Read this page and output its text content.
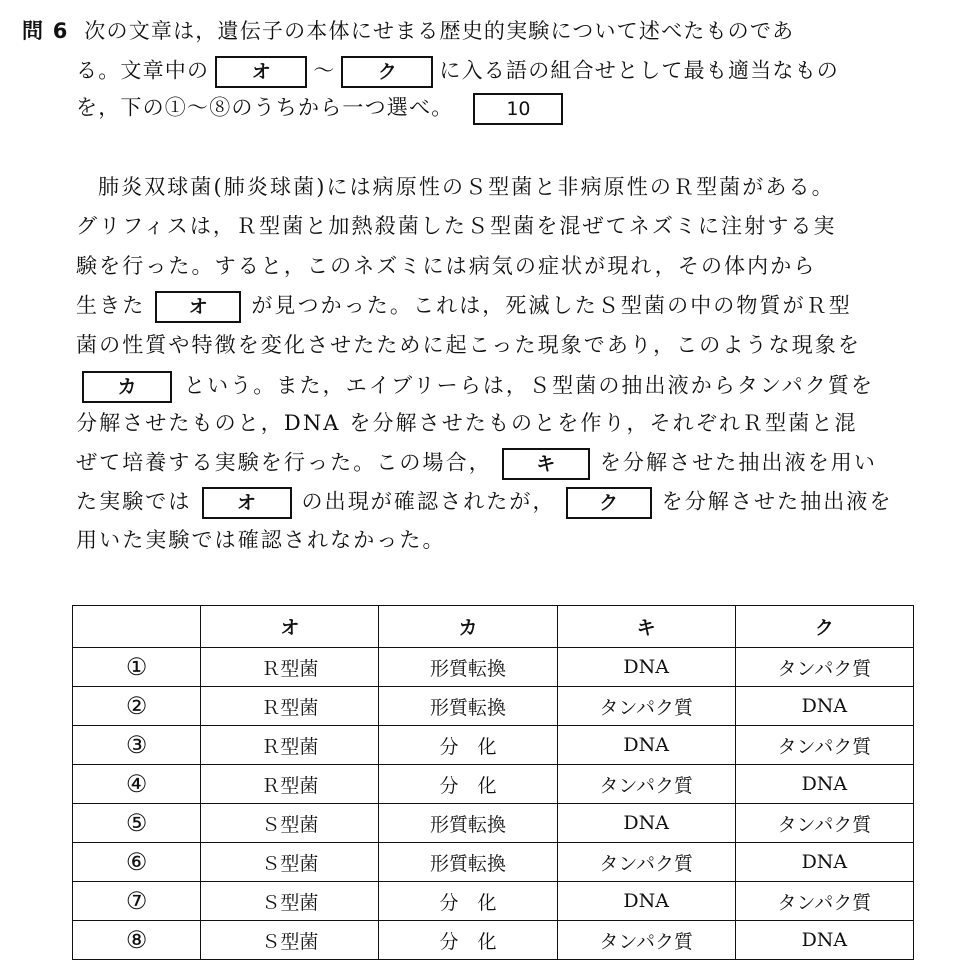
問 6 次の文章は，遺伝子の本体にせまる歴史的実験について述べたものであ
る。文章中の オ ～ ク に入る語の組合せとして最も適当なもの
を，下の①～⑧のうちから一つ選べ。	10
肺炎双球菌(肺炎球菌)には病原性のＳ型菌と非病原性のＲ型菌がある。
グリフィスは，Ｒ型菌と加熱殺菌したＳ型菌を混ぜてネズミに注射する実
験を行った。すると，このネズミには病気の症状が現れ，その体内から
生きた オ が見つかった。これは，死滅したＳ型菌の中の物質がＲ型
菌の性質や特徴を変化させたために起こった現象であり，このような現象を
カ という。また，エイブリーらは，Ｓ型菌の抽出液からタンパク質を
分解させたものと，DNA を分解させたものとを作り，それぞれＲ型菌と混
ぜて培養する実験を行った。この場合， キ を分解させた抽出液を用い
た実験では オ の出現が確認されたが， ク を分解させた抽出液を
用いた実験では確認されなかった。
	オ	カ	キ	ク
①	Ｒ型菌	形質転換	DNA	タンパク質
②	Ｒ型菌	形質転換	タンパク質	DNA
③	Ｒ型菌	分　化	DNA	タンパク質
④	Ｒ型菌	分　化	タンパク質	DNA
⑤	Ｓ型菌	形質転換	DNA	タンパク質
⑥	Ｓ型菌	形質転換	タンパク質	DNA
⑦	Ｓ型菌	分　化	DNA	タンパク質
⑧	Ｓ型菌	分　化	タンパク質	DNA
